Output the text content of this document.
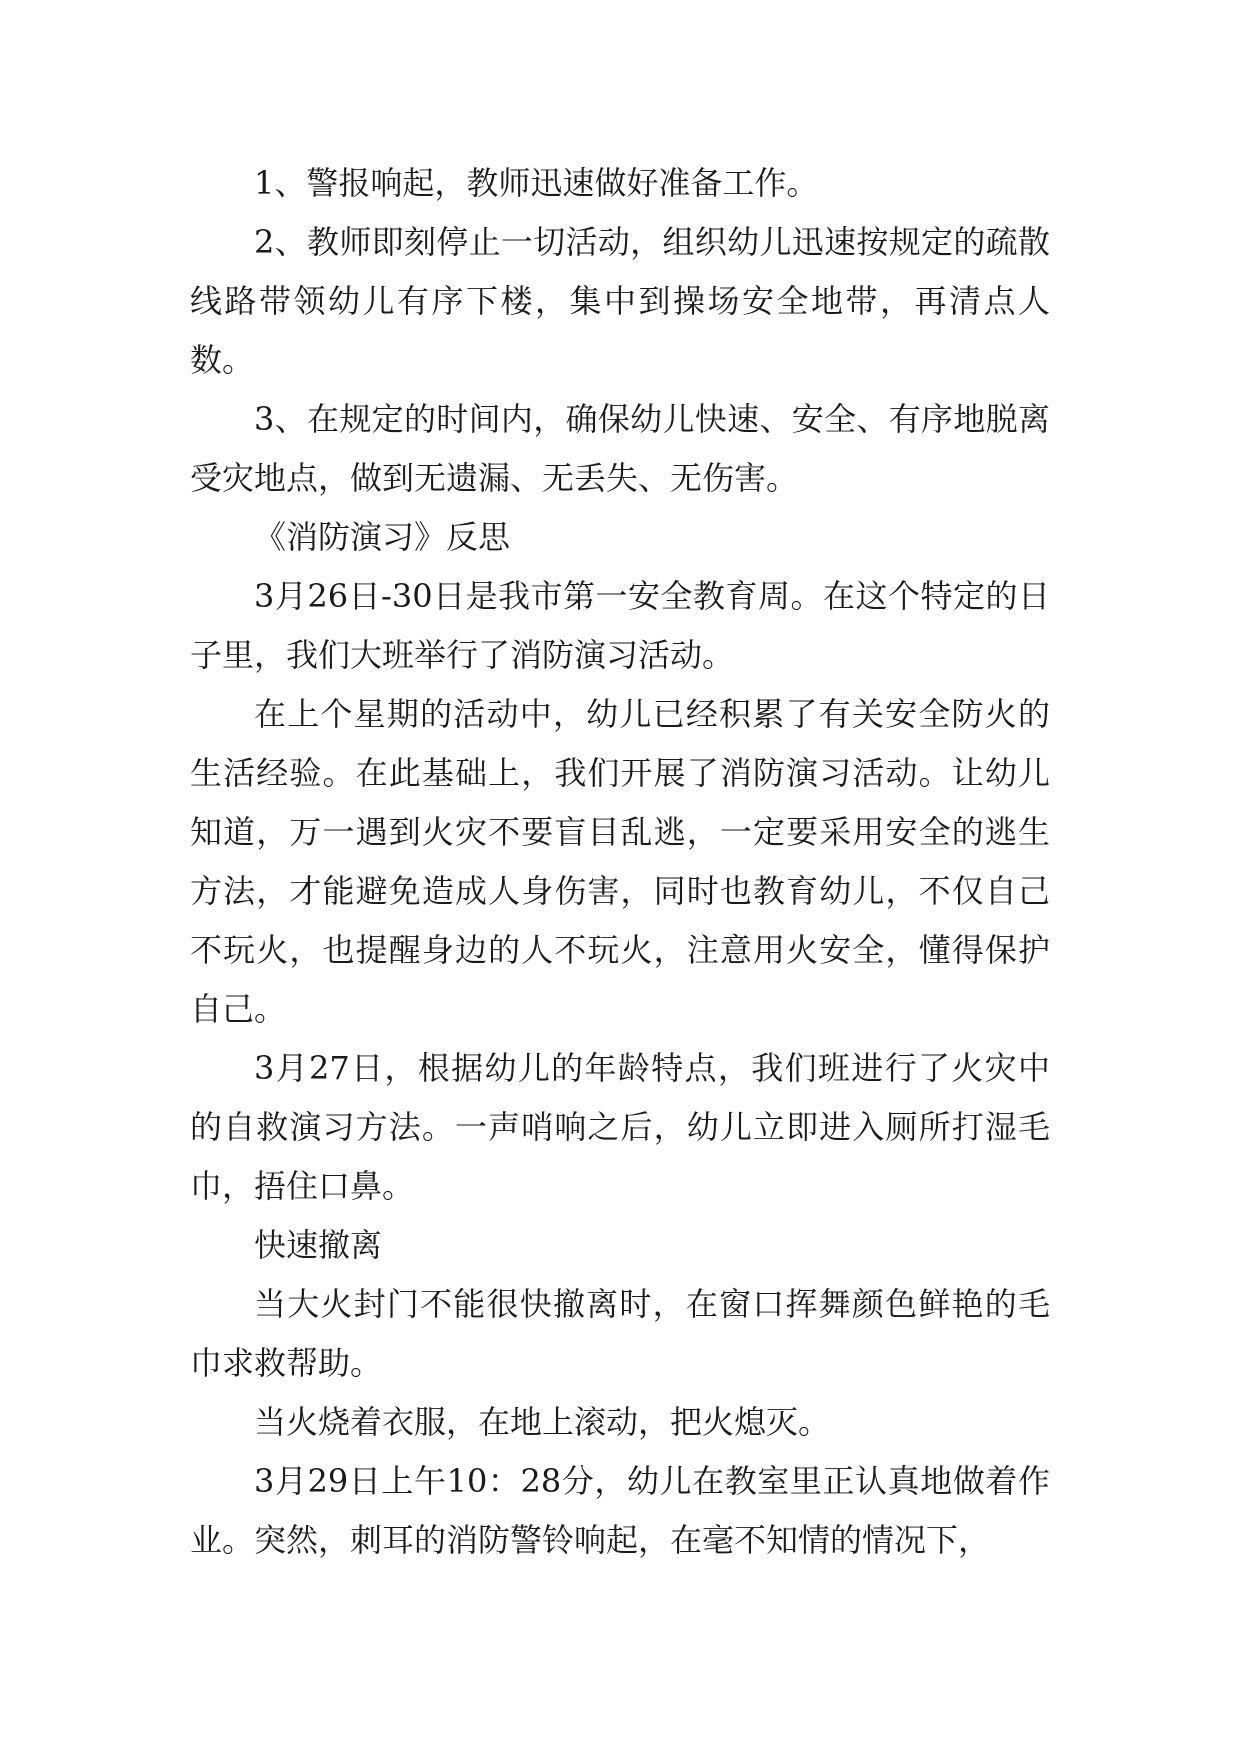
1、警报响起，教师迅速做好准备工作。

2、教师即刻停止一切活动，组织幼儿迅速按规定的疏散线路带领幼儿有序下楼，集中到操场安全地带，再清点人数。

3、在规定的时间内，确保幼儿快速、安全、有序地脱离受灾地点，做到无遗漏、无丢失、无伤害。

《消防演习》反思

3月26日-30日是我市第一安全教育周。在这个特定的日子里，我们大班举行了消防演习活动。

在上个星期的活动中，幼儿已经积累了有关安全防火的生活经验。在此基础上，我们开展了消防演习活动。让幼儿知道，万一遇到火灾不要盲目乱逃，一定要采用安全的逃生方法，才能避免造成人身伤害，同时也教育幼儿，不仅自己不玩火，也提醒身边的人不玩火，注意用火安全，懂得保护自己。

3月27日，根据幼儿的年龄特点，我们班进行了火灾中的自救演习方法。一声哨响之后，幼儿立即进入厕所打湿毛巾，捂住口鼻。

快速撤离

当大火封门不能很快撤离时，在窗口挥舞颜色鲜艳的毛巾求救帮助。

当火烧着衣服，在地上滚动，把火熄灭。

3月29日上午10：28分，幼儿在教室里正认真地做着作业。突然，刺耳的消防警铃响起，在毫不知情的情况下，
